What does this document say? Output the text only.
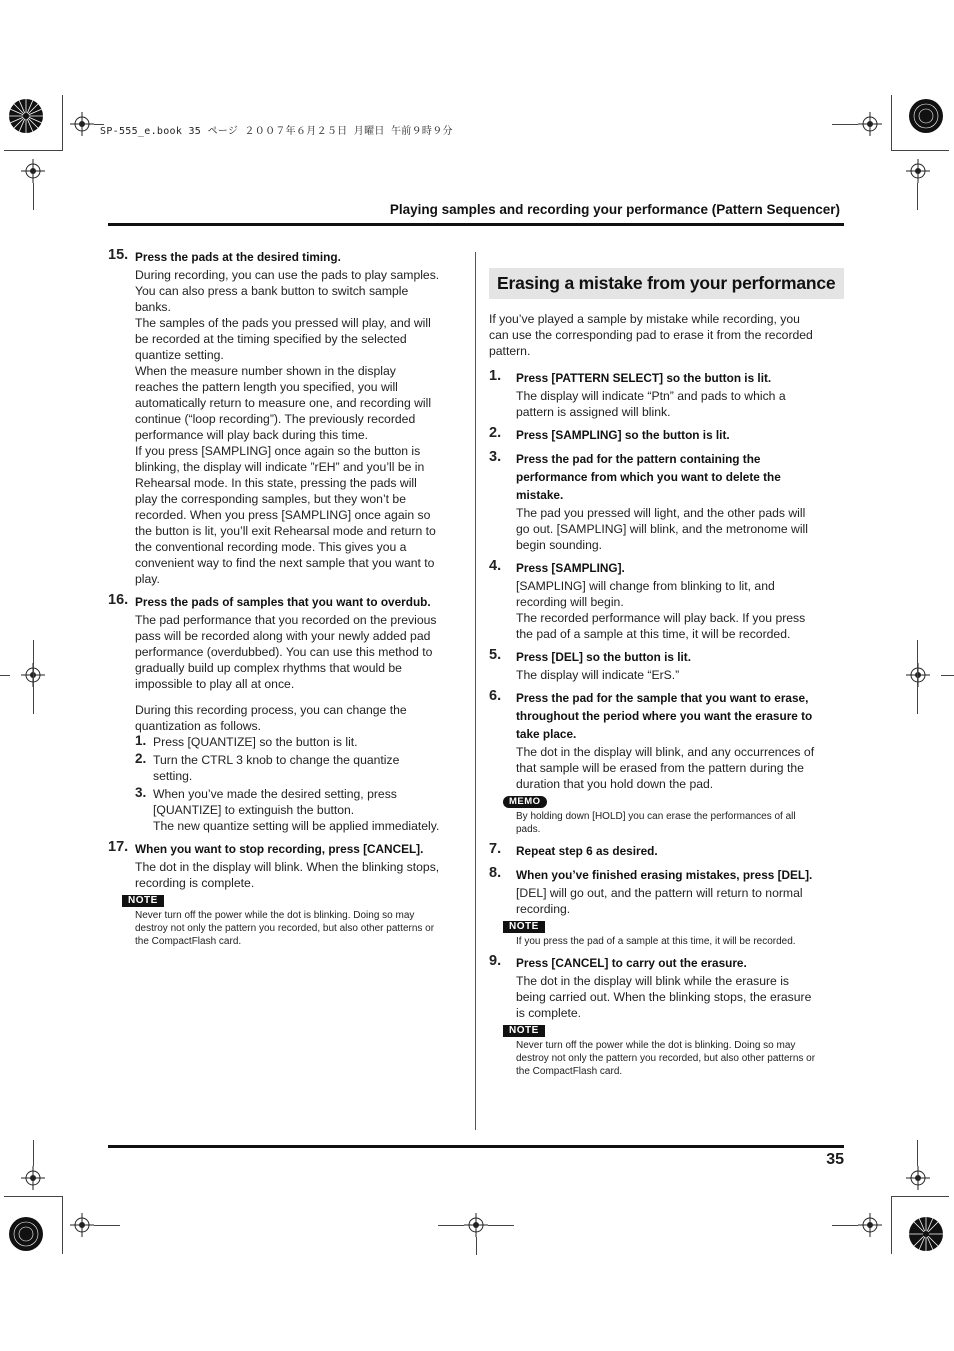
SP-555_e.book 35 ページ ２００７年６月２５日 月曜日 午前９時９分
Playing samples and recording your performance (Pattern Sequencer)
35
15. Press the pads at the desired timing.

During recording, you can use the pads to play samples. You can also press a bank button to switch sample banks.

The samples of the pads you pressed will play, and will be recorded at the timing specified by the selected quantize setting.

When the measure number shown in the display reaches the pattern length you specified, you will automatically return to measure one, and recording will continue (“loop recording”). The previously recorded performance will play back during this time.

If you press [SAMPLING] once again so the button is blinking, the display will indicate ”rEH” and you’ll be in Rehearsal mode. In this state, pressing the pads will play the corresponding samples, but they won’t be recorded. When you press [SAMPLING] once again so the button is lit, you’ll exit Rehearsal mode and return to the conventional recording mode. This gives you a convenient way to find the next sample that you want to play.

16. Press the pads of samples that you want to overdub.

The pad performance that you recorded on the previous pass will be recorded along with your newly added pad performance (overdubbed). You can use this method to gradually build up complex rhythms that would be impossible to play all at once.

During this recording process, you can change the quantization as follows.

1. Press [QUANTIZE] so the button is lit.
2. Turn the CTRL 3 knob to change the quantize setting.
3. When you’ve made the desired setting, press [QUANTIZE] to extinguish the button.
The new quantize setting will be applied immediately.
17. When you want to stop recording, press [CANCEL].

The dot in the display will blink. When the blinking stops, recording is complete.

NOTE
Never turn off the power while the dot is blinking. Doing so may destroy not only the pattern you recorded, but also other patterns or the CompactFlash card.
Erasing a mistake from your performance
If you’ve played a sample by mistake while recording, you can use the corresponding pad to erase it from the recorded pattern.
1. Press [PATTERN SELECT] so the button is lit.

The display will indicate “Ptn” and pads to which a pattern is assigned will blink.

2. Press [SAMPLING] so the button is lit.
3. Press the pad for the pattern containing the performance from which you want to delete the mistake.

The pad you pressed will light, and the other pads will go out. [SAMPLING] will blink, and the metronome will begin sounding.

4. Press [SAMPLING].

[SAMPLING] will change from blinking to lit, and recording will begin.

The recorded performance will play back. If you press the pad of a sample at this time, it will be recorded.

5. Press [DEL] so the button is lit.

The display will indicate “ErS.”

6. Press the pad for the sample that you want to erase, throughout the period where you want the erasure to take place.

The dot in the display will blink, and any occurrences of that sample will be erased from the pattern during the duration that you hold down the pad.

MEMO
By holding down [HOLD] you can erase the performances of all pads.
7. Repeat step 6 as desired.
8. When you’ve finished erasing mistakes, press [DEL].

[DEL] will go out, and the pattern will return to normal recording.

NOTE
If you press the pad of a sample at this time, it will be recorded.
9. Press [CANCEL] to carry out the erasure.

The dot in the display will blink while the erasure is being carried out. When the blinking stops, the erasure is complete.

NOTE
Never turn off the power while the dot is blinking. Doing so may destroy not only the pattern you recorded, but also other patterns or the CompactFlash card.
